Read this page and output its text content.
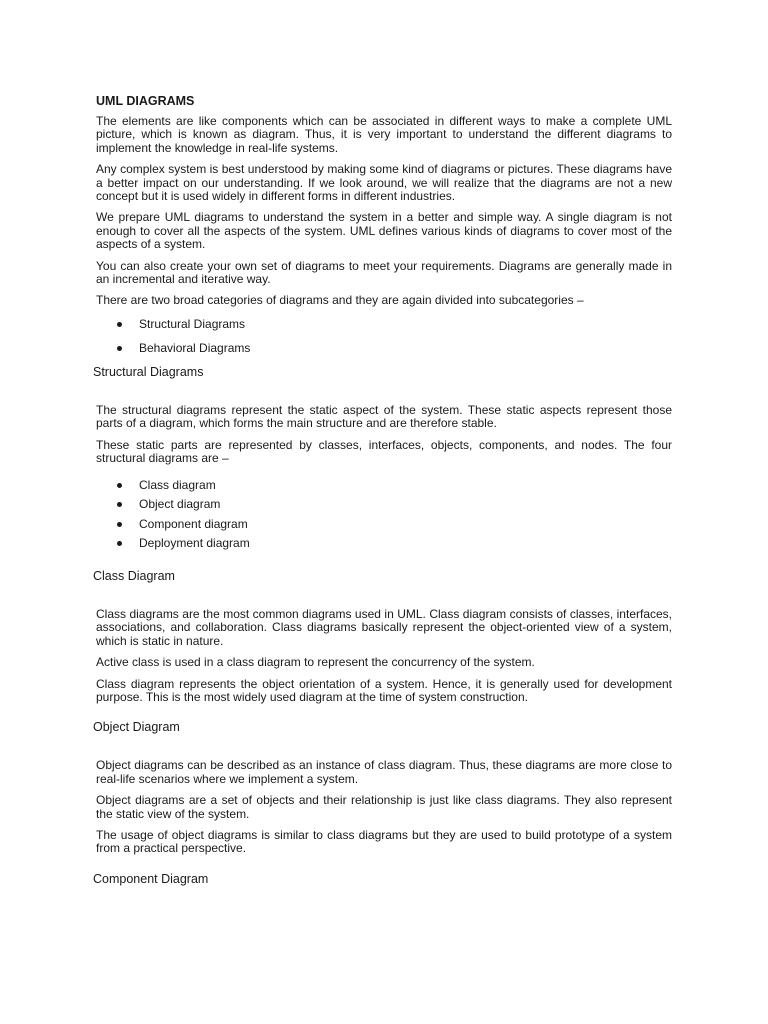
UML DIAGRAMS

The elements are like components which can be associated in different ways to make a complete UML picture, which is known as diagram. Thus, it is very important to understand the different diagrams to implement the knowledge in real-life systems.

Any complex system is best understood by making some kind of diagrams or pictures. These diagrams have a better impact on our understanding. If we look around, we will realize that the diagrams are not a new concept but it is used widely in different forms in different industries.

We prepare UML diagrams to understand the system in a better and simple way. A single diagram is not enough to cover all the aspects of the system. UML defines various kinds of diagrams to cover most of the aspects of a system.

You can also create your own set of diagrams to meet your requirements. Diagrams are generally made in an incremental and iterative way.

There are two broad categories of diagrams and they are again divided into subcategories –

Structural Diagrams
Behavioral Diagrams
Structural Diagrams

The structural diagrams represent the static aspect of the system. These static aspects represent those parts of a diagram, which forms the main structure and are therefore stable.

These static parts are represented by classes, interfaces, objects, components, and nodes. The four structural diagrams are –

Class diagram
Object diagram
Component diagram
Deployment diagram
Class Diagram

Class diagrams are the most common diagrams used in UML. Class diagram consists of classes, interfaces, associations, and collaboration. Class diagrams basically represent the object-oriented view of a system, which is static in nature.

Active class is used in a class diagram to represent the concurrency of the system.

Class diagram represents the object orientation of a system. Hence, it is generally used for development purpose. This is the most widely used diagram at the time of system construction.

Object Diagram

Object diagrams can be described as an instance of class diagram. Thus, these diagrams are more close to real-life scenarios where we implement a system.

Object diagrams are a set of objects and their relationship is just like class diagrams. They also represent the static view of the system.

The usage of object diagrams is similar to class diagrams but they are used to build prototype of a system from a practical perspective.

Component Diagram
